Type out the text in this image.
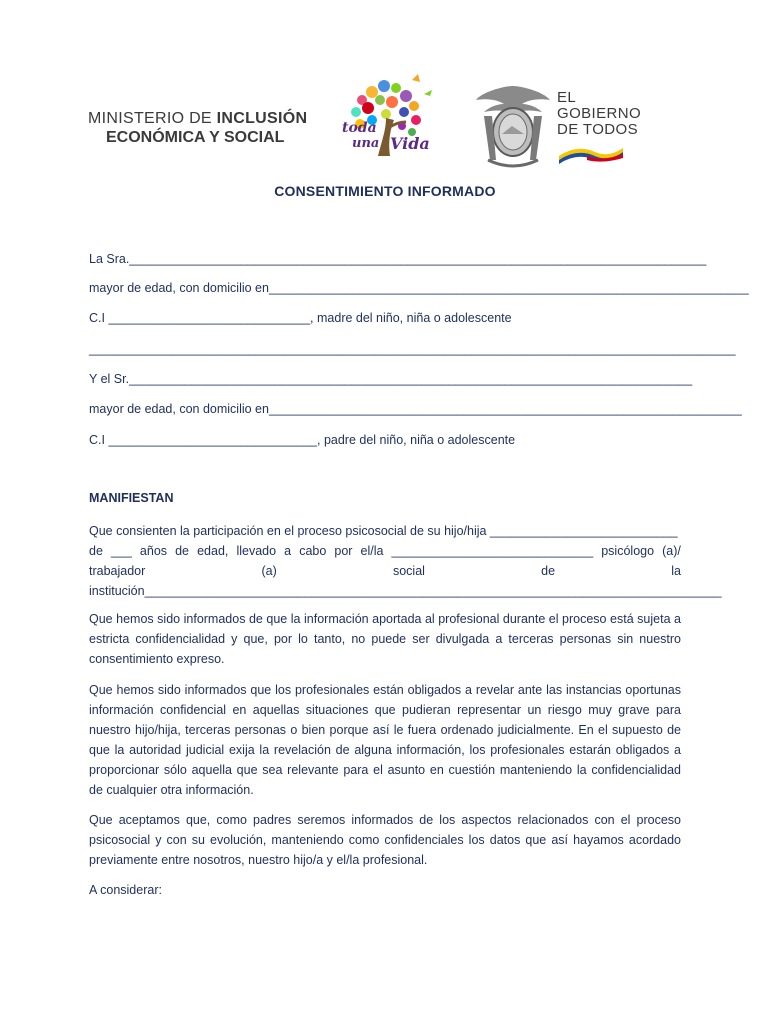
MINISTERIO DE INCLUSIÓN
ECONÓMICA Y SOCIAL
toda
una Vida
EL
GOBIERNO
DE TODOS
CONSENTIMIENTO INFORMADO
La Sra.___________________________________________________________________________________
mayor de edad, con domicilio en_____________________________________________________________________
C.I _____________________________, madre del niño, niña o adolescente
_____________________________________________________________________________________________
Y el Sr._________________________________________________________________________________
mayor de edad, con domicilio en____________________________________________________________________
C.I ______________________________, padre del niño, niña o adolescente
MANIFIESTAN
Que consienten la participación en el proceso psicosocial de su hijo/hija ___________________________
de ___ años de edad, llevado a cabo por el/la _____________________________ psicólogo (a)/
trabajador	(a)	social	de	la
institución___________________________________________________________________________________
Que hemos sido informados de que la información aportada al profesional durante el proceso está sujeta a estricta confidencialidad y que, por lo tanto, no puede ser divulgada a terceras personas sin nuestro consentimiento expreso.
Que hemos sido informados que los profesionales están obligados a revelar ante las instancias oportunas información confidencial en aquellas situaciones que pudieran representar un riesgo muy grave para nuestro hijo/hija, terceras personas o bien porque así le fuera ordenado judicialmente. En el supuesto de que la autoridad judicial exija la revelación de alguna información, los profesionales estarán obligados a proporcionar sólo aquella que sea relevante para el asunto en cuestión manteniendo la confidencialidad de cualquier otra información.
Que aceptamos que, como padres seremos informados de los aspectos relacionados con el proceso psicosocial y con su evolución, manteniendo como confidenciales los datos que así hayamos acordado previamente entre nosotros, nuestro hijo/a y el/la profesional.
A considerar:
